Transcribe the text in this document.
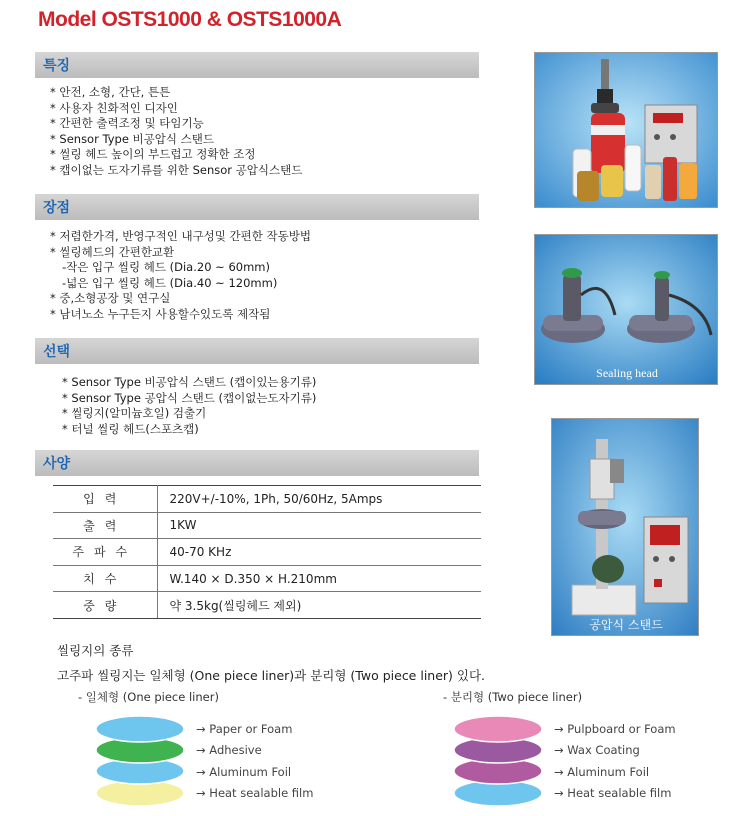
Model OSTS1000 & OSTS1000A
특징
* 안전, 소형, 간단, 튼튼
* 사용자 친화적인 디자인
* 간편한 출력조정 및 타임기능
* Sensor Type 비공압식 스탠드
* 씰링 헤드 높이의 부드럽고 정확한 조정
* 캡이없는 도자기류를 위한 Sensor 공압식스탠드
장점
* 저렴한가격, 반영구적인 내구성및 간편한 작동방법
* 씰링헤드의 간편한교환
-작은 입구 씰링 헤드 (Dia.20 ~ 60mm)
-넓은 입구 씰링 헤드 (Dia.40 ~ 120mm)
* 중,소형공장 및 연구실
* 남녀노소 누구든지 사용할수있도록 제작됨
선택
* Sensor Type 비공압식 스탠드 (캡이있는용기류)
* Sensor Type 공압식 스탠드 (캡이없는도자기류)
* 씰링지(알미늄호일) 검출기
* 터널 씰링 헤드(스포츠캡)
사양
입력	220V+/-10%, 1Ph, 50/60Hz, 5Amps
출력	1KW
주파수	40-70 KHz
치수	W.140 × D.350 × H.210mm
중량	약 3.5kg(씰링헤드 제외)
Sealing head
공압식 스탠드
씰링지의 종류
고주파 씰링지는 일체형 (One piece liner)과 분리형 (Two piece liner) 있다.
- 일체형 (One piece liner)	- 분리형 (Two piece liner)
→ Paper or Foam
→ Adhesive
→ Aluminum Foil
→ Heat sealable film
→ Pulpboard or Foam
→ Wax Coating
→ Aluminum Foil
→ Heat sealable film
